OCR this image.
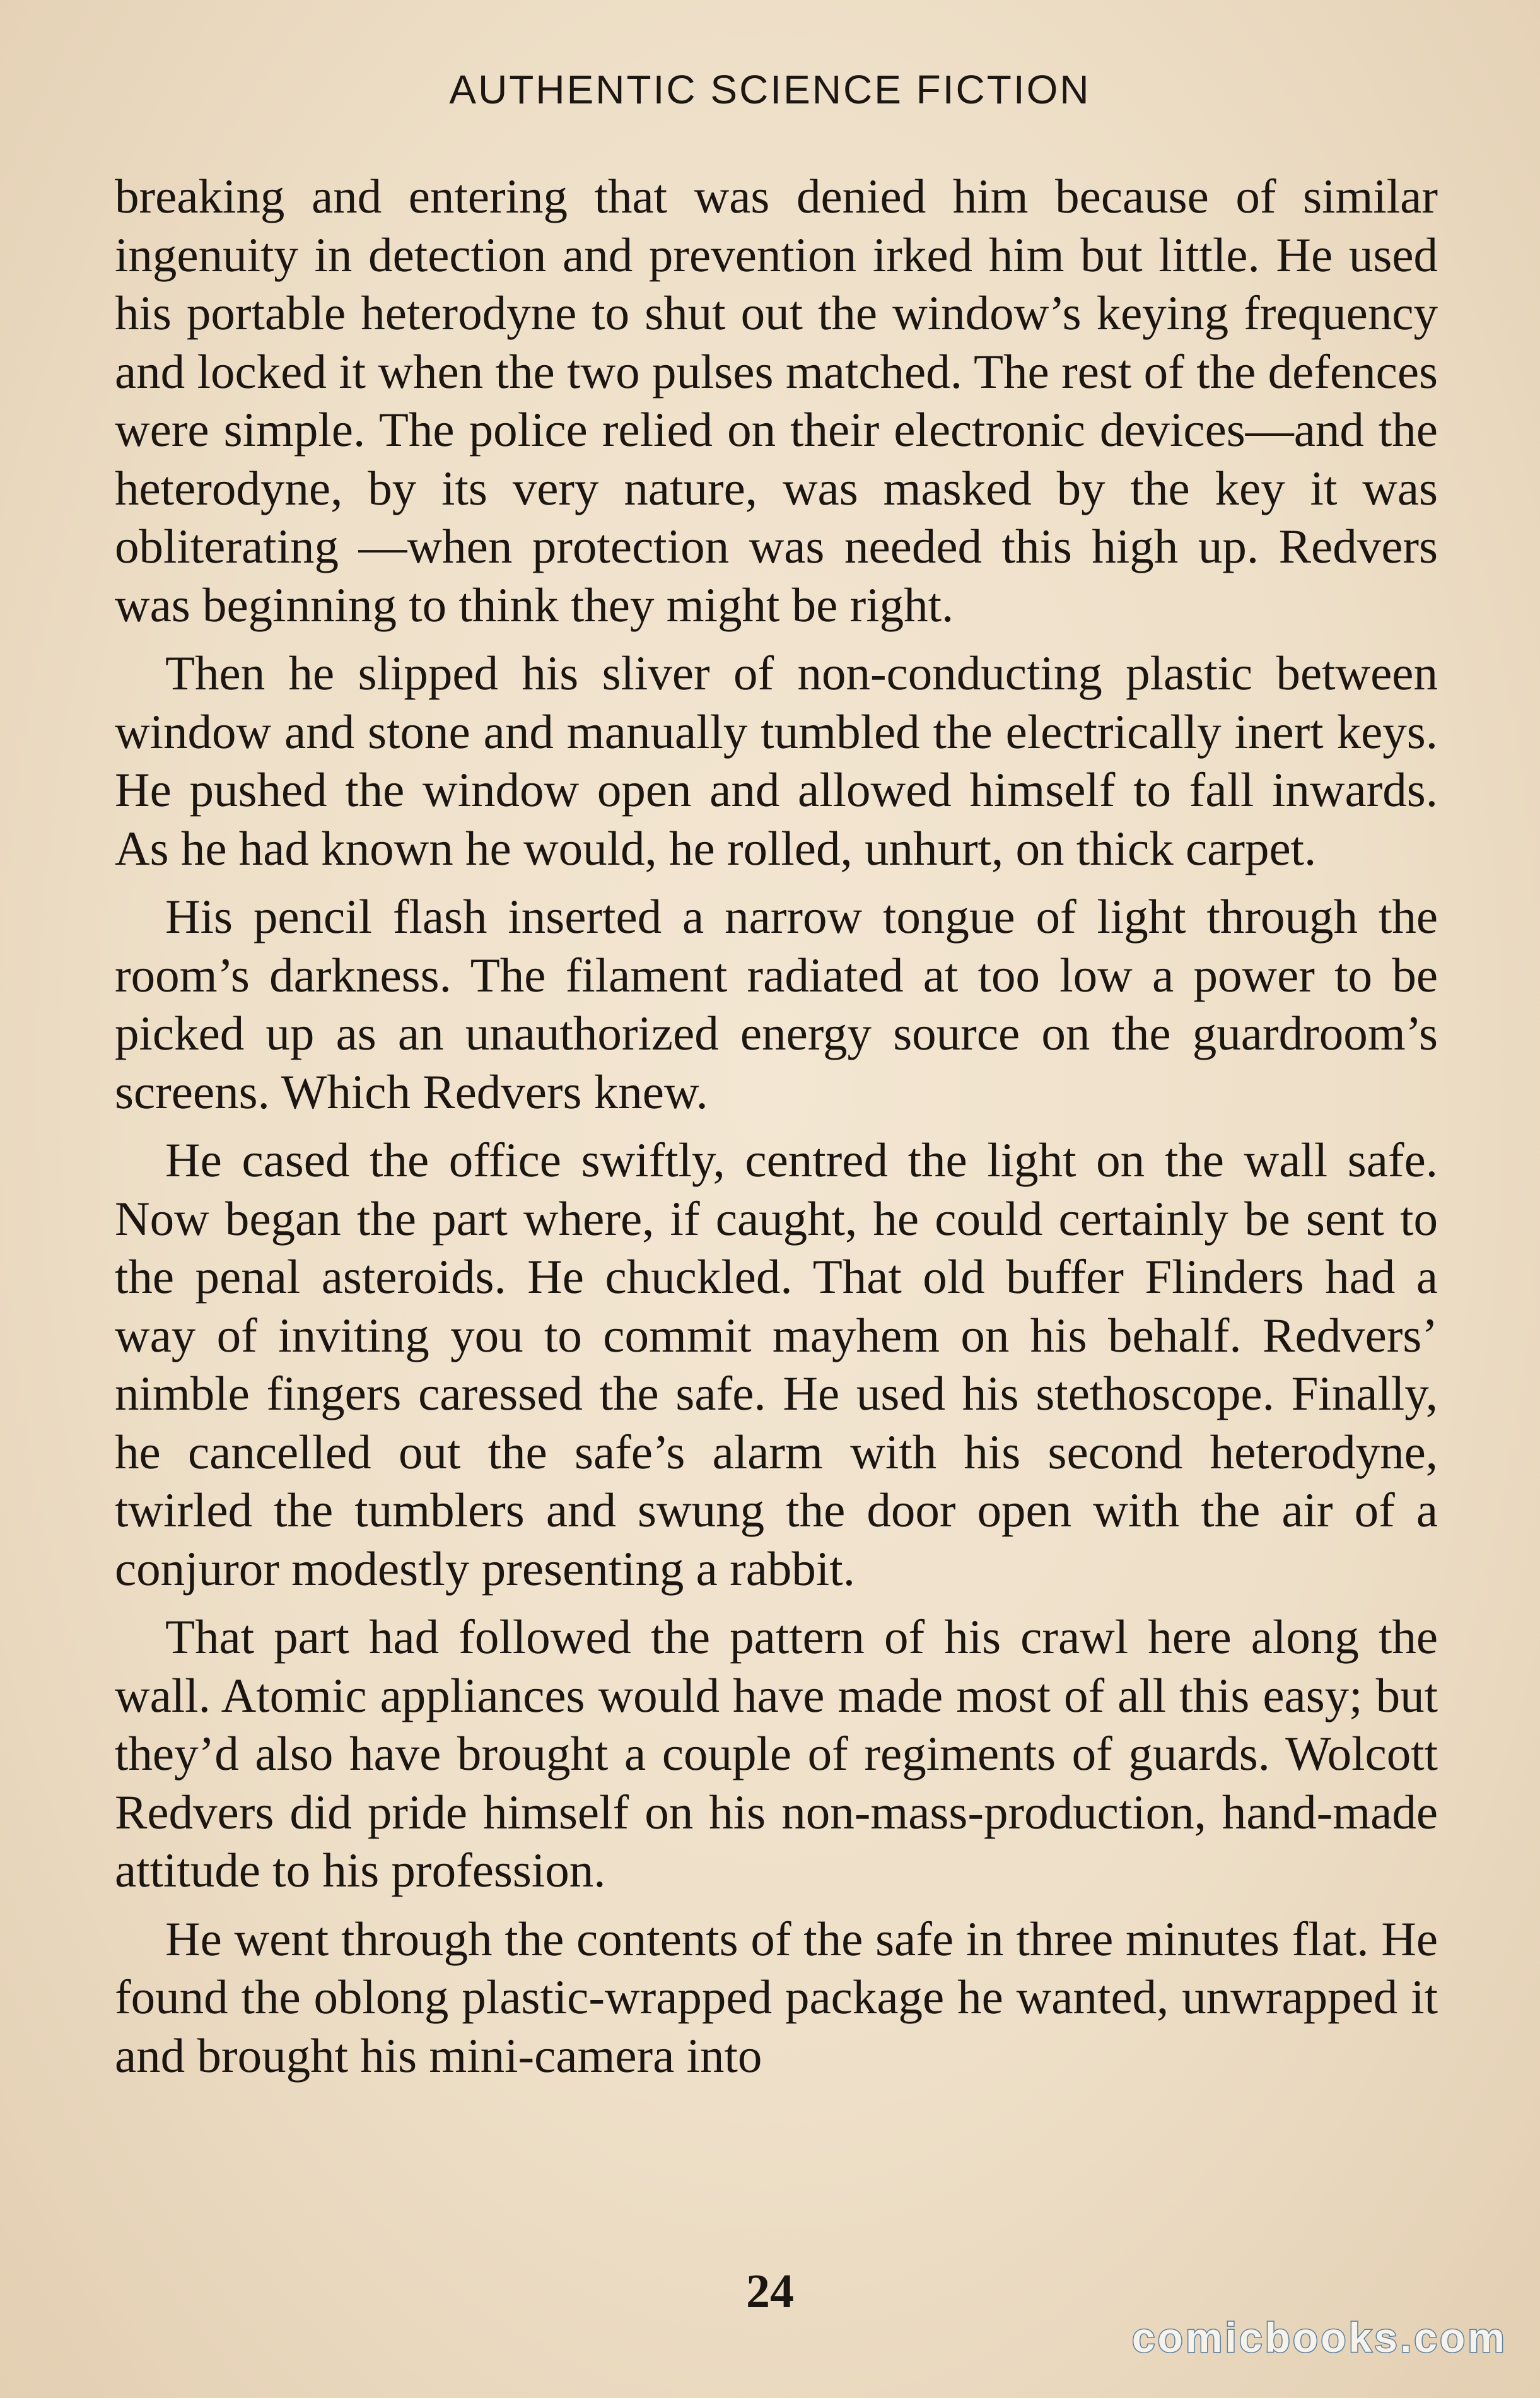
AUTHENTIC SCIENCE FICTION

breaking and entering that was denied him because of similar ingenuity in detection and prevention irked him but little. He used his portable heterodyne to shut out the window’s keying frequency and locked it when the two pulses matched. The rest of the defences were simple. The police relied on their electronic devices—and the heterodyne, by its very nature, was masked by the key it was obliterating —when protection was needed this high up. Redvers was beginning to think they might be right.

Then he slipped his sliver of non-conducting plastic between window and stone and manually tumbled the electrically inert keys. He pushed the window open and allowed himself to fall inwards. As he had known he would, he rolled, unhurt, on thick carpet.

His pencil flash inserted a narrow tongue of light through the room’s darkness. The filament radiated at too low a power to be picked up as an unauthorized energy source on the guardroom’s screens. Which Redvers knew.

He cased the office swiftly, centred the light on the wall safe. Now began the part where, if caught, he could certainly be sent to the penal asteroids. He chuckled. That old buffer Flinders had a way of inviting you to commit mayhem on his behalf. Redvers’ nimble fingers caressed the safe. He used his stethoscope. Finally, he cancelled out the safe’s alarm with his second heterodyne, twirled the tumblers and swung the door open with the air of a conjuror modestly presenting a rabbit.

That part had followed the pattern of his crawl here along the wall. Atomic appliances would have made most of all this easy; but they’d also have brought a couple of regiments of guards. Wolcott Redvers did pride himself on his non-mass-production, hand-made attitude to his profession.

He went through the contents of the safe in three minutes flat. He found the oblong plastic-wrapped package he wanted, unwrapped it and brought his mini-camera into

24
comicbooks.com
